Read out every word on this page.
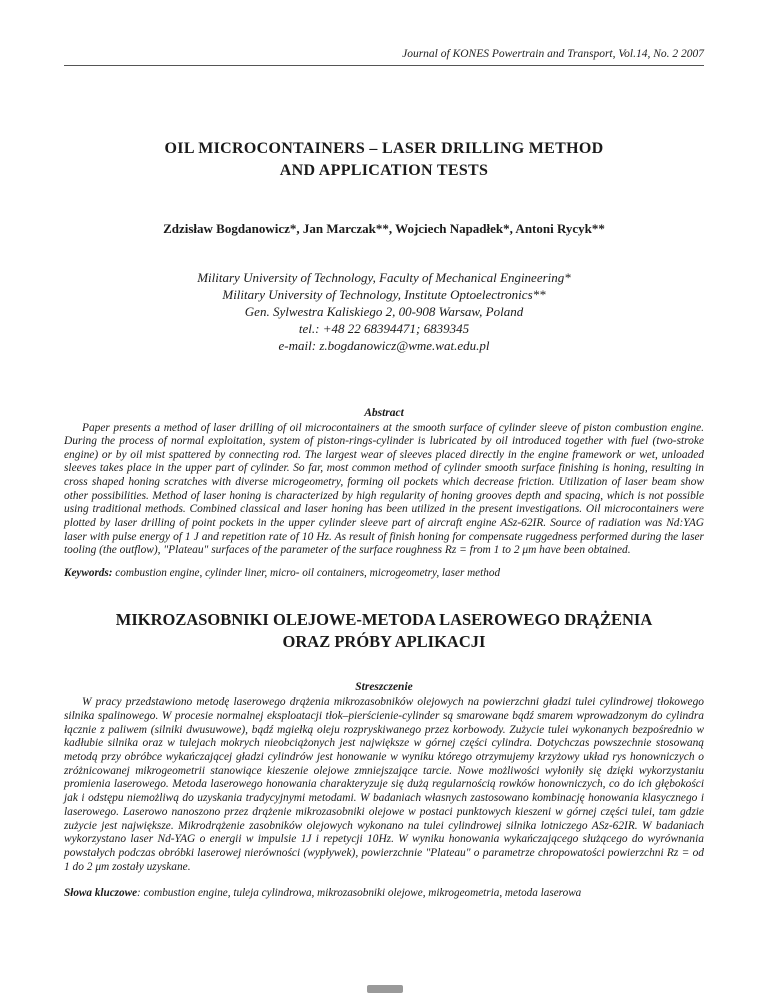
Journal of KONES Powertrain and Transport, Vol.14, No. 2 2007
OIL MICROCONTAINERS – LASER DRILLING METHOD
AND APPLICATION TESTS
Zdzisław Bogdanowicz*, Jan Marczak**, Wojciech Napadłek*, Antoni Rycyk**
Military University of Technology, Faculty of Mechanical Engineering*
Military University of Technology, Institute Optoelectronics**
Gen. Sylwestra Kaliskiego 2, 00-908 Warsaw, Poland
tel.: +48 22 68394471; 6839345
e-mail: z.bogdanowicz@wme.wat.edu.pl
Abstract
Paper presents a method of laser drilling of oil microcontainers at the smooth surface of cylinder sleeve of piston combustion engine. During the process of normal exploitation, system of piston-rings-cylinder is lubricated by oil introduced together with fuel (two-stroke engine) or by oil mist spattered by connecting rod. The largest wear of sleeves placed directly in the engine framework or wet, unloaded sleeves takes place in the upper part of cylinder. So far, most common method of cylinder smooth surface finishing is honing, resulting in cross shaped honing scratches with diverse microgeometry, forming oil pockets which decrease friction. Utilization of laser beam show other possibilities. Method of laser honing is characterized by high regularity of honing grooves depth and spacing, which is not possible using traditional methods. Combined classical and laser honing has been utilized in the present investigations. Oil microcontainers were plotted by laser drilling of point pockets in the upper cylinder sleeve part of aircraft engine ASz-62IR. Source of radiation was Nd:YAG laser with pulse energy of 1 J and repetition rate of 10 Hz. As result of finish honing for compensate ruggedness performed during the laser tooling (the outflow), "Plateau" surfaces of the parameter of the surface roughness Rz = from 1 to 2 μm have been obtained.
Keywords: combustion engine, cylinder liner, micro- oil containers, microgeometry, laser method
MIKROZASOBNIKI OLEJOWE-METODA LASEROWEGO DRĄŻENIA
ORAZ PRÓBY APLIKACJI
Streszczenie
W pracy przedstawiono metodę laserowego drążenia mikrozasobników olejowych na powierzchni gładzi tulei cylindrowej tłokowego silnika spalinowego. W procesie normalnej eksploatacji tłok–pierścienie-cylinder są smarowane bądź smarem wprowadzonym do cylindra łącznie z paliwem (silniki dwusuwowe), bądź mgiełką oleju rozpryskiwanego przez korbowody. Zużycie tulei wykonanych bezpośrednio w kadłubie silnika oraz w tulejach mokrych nieobciążonych jest największe w górnej części cylindra. Dotychczas powszechnie stosowaną metodą przy obróbce wykańczającej gładzi cylindrów jest honowanie w wyniku którego otrzymujemy krzyżowy układ rys honowniczych o zróżnicowanej mikrogeometrii stanowiące kieszenie olejowe zmniejszające tarcie. Nowe możliwości wyłoniły się dzięki wykorzystaniu promienia laserowego. Metoda laserowego honowania charakteryzuje się dużą regularnością rowków honowniczych, co do ich głębokości jak i odstępu niemożliwą do uzyskania tradycyjnymi metodami. W badaniach własnych zastosowano kombinację honowania klasycznego i laserowego. Laserowo nanoszono przez drążenie mikrozasobniki olejowe w postaci punktowych kieszeni w górnej części tulei, tam gdzie zużycie jest największe. Mikrodrążenie zasobników olejowych wykonano na tulei cylindrowej silnika lotniczego ASz-62IR. W badaniach wykorzystano laser Nd-YAG o energii w impulsie 1J i repetycji 10Hz. W wyniku honowania wykańczającego służącego do wyrównania powstałych podczas obróbki laserowej nierówności (wypływek), powierzchnie "Plateau" o parametrze chropowatości powierzchni Rz = od 1 do 2 μm zostały uzyskane.
Słowa kluczowe: combustion engine, tuleja cylindrowa, mikrozasobniki olejowe, mikrogeometria, metoda laserowa
